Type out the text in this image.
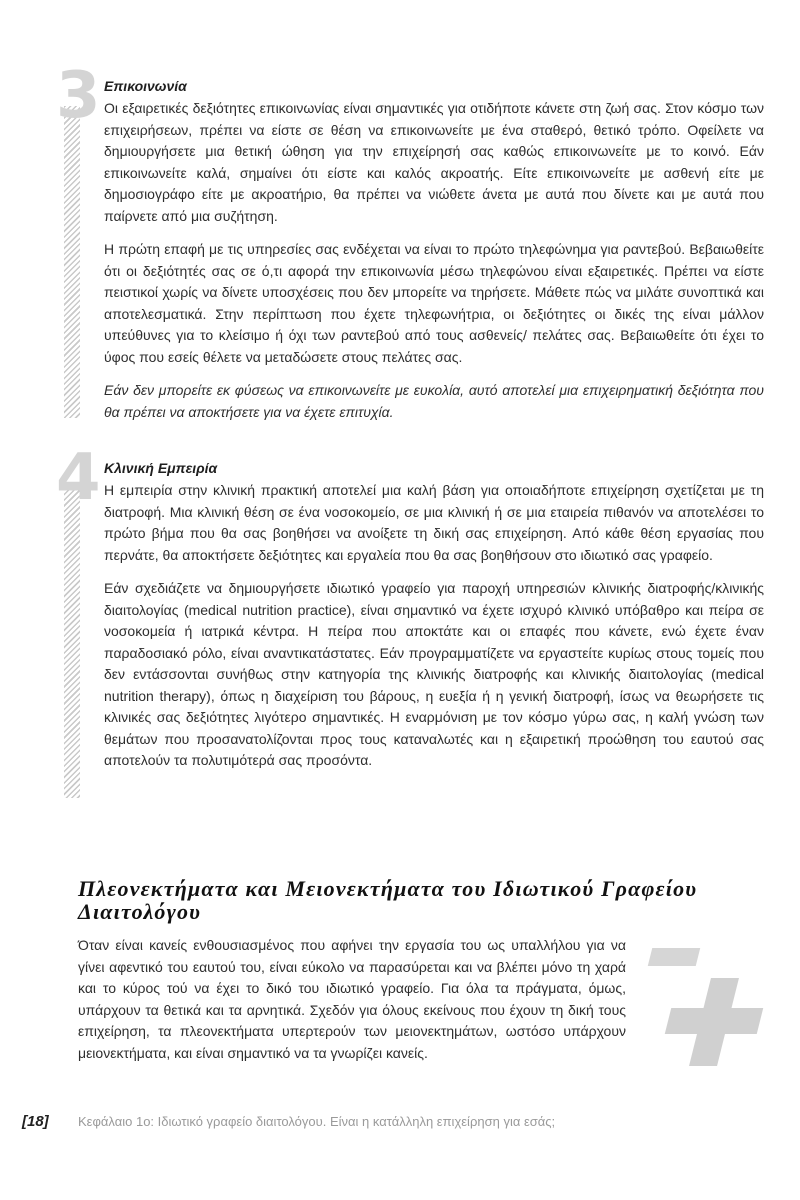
3 Επικοινωνία

Οι εξαιρετικές δεξιότητες επικοινωνίας είναι σημαντικές για οτιδήποτε κάνετε στη ζωή σας. Στον κόσμο των επιχειρήσεων, πρέπει να είστε σε θέση να επικοινωνείτε με ένα σταθερό, θετικό τρόπο. Οφείλετε να δημιουργήσετε μια θετική ώθηση για την επιχείρησή σας καθώς επικοινωνείτε με το κοινό. Εάν επικοινωνείτε καλά, σημαίνει ότι είστε και καλός ακροατής. Είτε επικοινωνείτε με ασθενή είτε με δημοσιογράφο είτε με ακροατήριο, θα πρέπει να νιώθετε άνετα με αυτά που δίνετε και με αυτά που παίρνετε από μια συζήτηση.

Η πρώτη επαφή με τις υπηρεσίες σας ενδέχεται να είναι το πρώτο τηλεφώνημα για ραντεβού. Βεβαιωθείτε ότι οι δεξιότητές σας σε ό,τι αφορά την επικοινωνία μέσω τηλεφώνου είναι εξαιρετικές. Πρέπει να είστε πειστικοί χωρίς να δίνετε υποσχέσεις που δεν μπορείτε να τηρήσετε. Μάθετε πώς να μιλάτε συνοπτικά και αποτελεσματικά. Στην περίπτωση που έχετε τηλεφωνήτρια, οι δεξιότητες οι δικές της είναι μάλλον υπεύθυνες για το κλείσιμο ή όχι των ραντεβού από τους ασθενείς/ πελάτες σας. Βεβαιωθείτε ότι έχει το ύφος που εσείς θέλετε να μεταδώσετε στους πελάτες σας.

Εάν δεν μπορείτε εκ φύσεως να επικοινωνείτε με ευκολία, αυτό αποτελεί μια επιχειρηματική δεξιότητα που θα πρέπει να αποκτήσετε για να έχετε επιτυχία.

4 Κλινική Εμπειρία

Η εμπειρία στην κλινική πρακτική αποτελεί μια καλή βάση για οποιαδήποτε επιχείρηση σχετίζεται με τη διατροφή. Μια κλινική θέση σε ένα νοσοκομείο, σε μια κλινική ή σε μια εταιρεία πιθανόν να αποτελέσει το πρώτο βήμα που θα σας βοηθήσει να ανοίξετε τη δική σας επιχείρηση. Από κάθε θέση εργασίας που περνάτε, θα αποκτήσετε δεξιότητες και εργαλεία που θα σας βοηθήσουν στο ιδιωτικό σας γραφείο.

Εάν σχεδιάζετε να δημιουργήσετε ιδιωτικό γραφείο για παροχή υπηρεσιών κλινικής διατροφής/κλινικής διαιτολογίας (medical nutrition practice), είναι σημαντικό να έχετε ισχυρό κλινικό υπόβαθρο και πείρα σε νοσοκομεία ή ιατρικά κέντρα. Η πείρα που αποκτάτε και οι επαφές που κάνετε, ενώ έχετε έναν παραδοσιακό ρόλο, είναι αναντικατάστατες. Εάν προγραμματίζετε να εργαστείτε κυρίως στους τομείς που δεν εντάσσονται συνήθως στην κατηγορία της κλινικής διατροφής και κλινικής διαιτολογίας (medical nutrition therapy), όπως η διαχείριση του βάρους, η ευεξία ή η γενική διατροφή, ίσως να θεωρήσετε τις κλινικές σας δεξιότητες λιγότερο σημαντικές. Η εναρμόνιση με τον κόσμο γύρω σας, η καλή γνώση των θεμάτων που προσανατολίζονται προς τους καταναλωτές και η εξαιρετική προώθηση του εαυτού σας αποτελούν τα πολυτιμότερά σας προσόντα.

Πλεονεκτήματα και Μειονεκτήματα του Ιδιωτικού Γραφείου Διαιτολόγου

Όταν είναι κανείς ενθουσιασμένος που αφήνει την εργασία του ως υπαλλήλου για να γίνει αφεντικό του εαυτού του, είναι εύκολο να παρασύρεται και να βλέπει μόνο τη χαρά και το κύρος τού να έχει το δικό του ιδιωτικό γραφείο. Για όλα τα πράγματα, όμως, υπάρχουν τα θετικά και τα αρνητικά. Σχεδόν για όλους εκείνους που έχουν τη δική τους επιχείρηση, τα πλεονεκτήματα υπερτερούν των μειονεκτημάτων, ωστόσο υπάρχουν μειονεκτήματα, και είναι σημαντικό να τα γνωρίζει κανείς.

[18] Κεφάλαιο 1ο: Ιδιωτικό γραφείο διαιτολόγου. Είναι η κατάλληλη επιχείρηση για εσάς;
